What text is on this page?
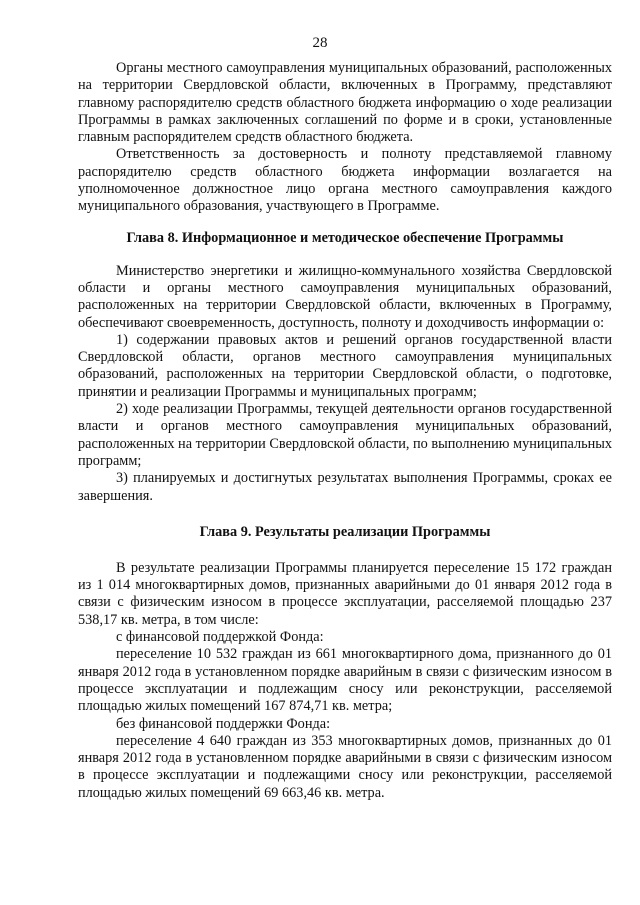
28

Органы местного самоуправления муниципальных образований, расположенных на территории Свердловской области, включенных в Программу, представляют главному распорядителю средств областного бюджета информацию о ходе реализации Программы в рамках заключенных соглашений по форме и в сроки, установленные главным распорядителем средств областного бюджета.

Ответственность за достоверность и полноту представляемой главному распорядителю средств областного бюджета информации возлагается на уполномоченное должностное лицо органа местного самоуправления каждого муниципального образования, участвующего в Программе.

Глава 8. Информационное и методическое обеспечение Программы

Министерство энергетики и жилищно-коммунального хозяйства Свердловской области и органы местного самоуправления муниципальных образований, расположенных на территории Свердловской области, включенных в Программу, обеспечивают своевременность, доступность, полноту и доходчивость информации о:

1) содержании правовых актов и решений органов государственной власти Свердловской области, органов местного самоуправления муниципальных образований, расположенных на территории Свердловской области, о подготовке, принятии и реализации Программы и муниципальных программ;

2) ходе реализации Программы, текущей деятельности органов государственной власти и органов местного самоуправления муниципальных образований, расположенных на территории Свердловской области, по выполнению муниципальных программ;

3) планируемых и достигнутых результатах выполнения Программы, сроках ее завершения.

Глава 9. Результаты реализации Программы

В результате реализации Программы планируется переселение 15 172 граждан из 1 014 многоквартирных домов, признанных аварийными до 01 января 2012 года в связи с физическим износом в процессе эксплуатации, расселяемой площадью 237 538,17 кв. метра, в том числе:

с финансовой поддержкой Фонда:

переселение 10 532 граждан из 661 многоквартирного дома, признанного до 01 января 2012 года в установленном порядке аварийным в связи с физическим износом в процессе эксплуатации и подлежащим сносу или реконструкции, расселяемой площадью жилых помещений 167 874,71 кв. метра;

без финансовой поддержки Фонда:

переселение 4 640 граждан из 353 многоквартирных домов, признанных до 01 января 2012 года в установленном порядке аварийными в связи с физическим износом в процессе эксплуатации и подлежащими сносу или реконструкции, расселяемой площадью жилых помещений 69 663,46 кв. метра.
